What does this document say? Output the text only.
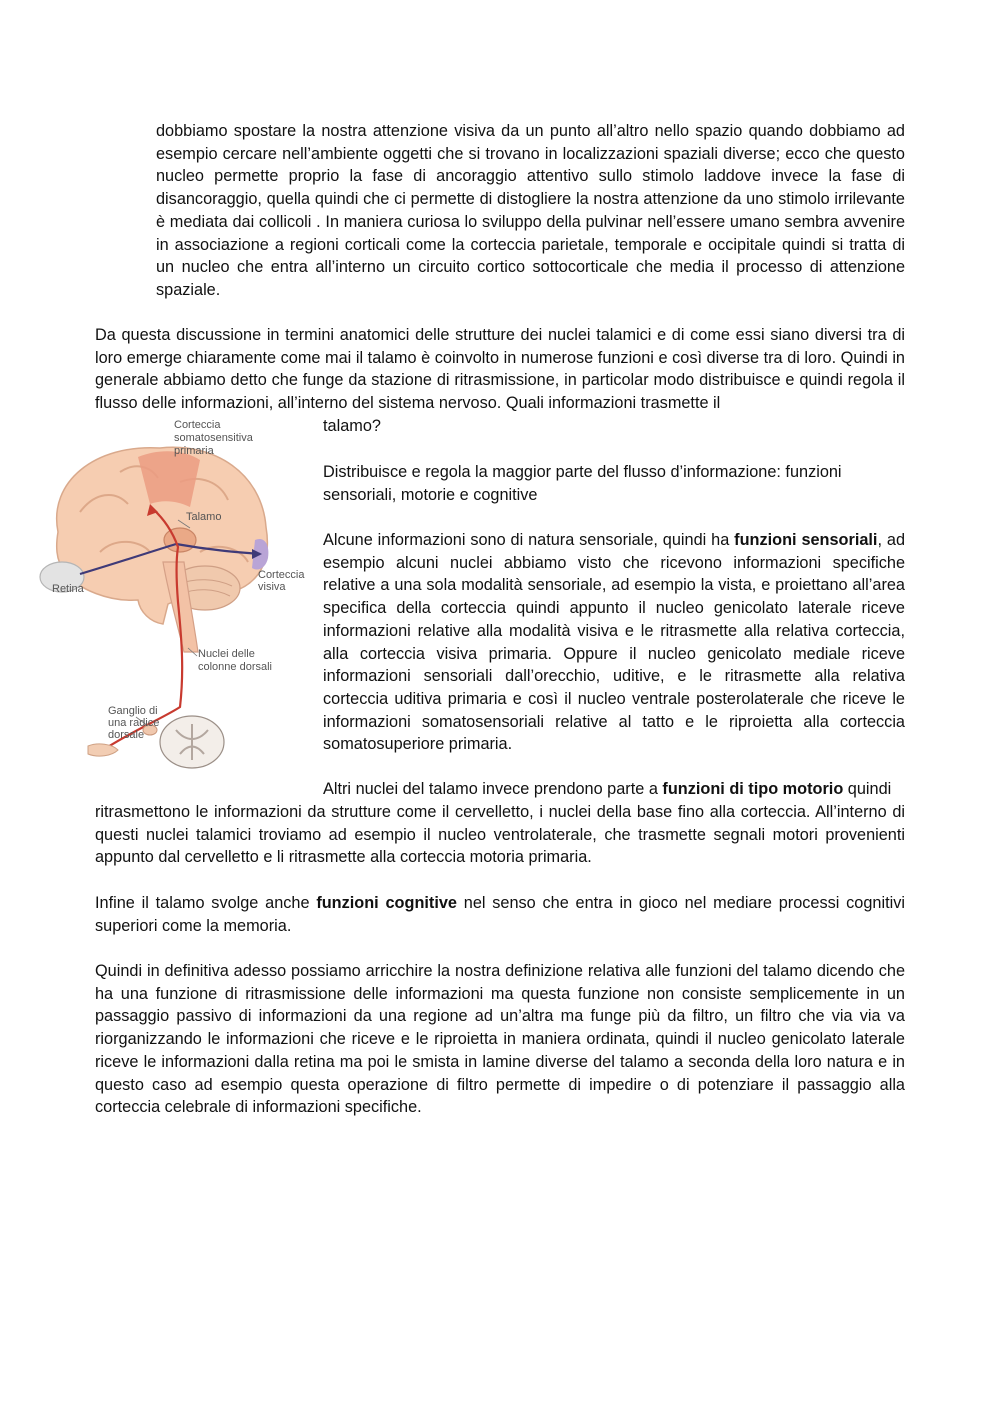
dobbiamo spostare la nostra attenzione visiva da un punto all’altro nello spazio quando dobbiamo ad esempio cercare nell’ambiente oggetti che si trovano in localizzazioni spaziali diverse; ecco che questo nucleo permette proprio la fase di ancoraggio attentivo sullo stimolo laddove invece la fase di disancoraggio, quella quindi che ci permette di distogliere la nostra attenzione da uno stimolo irrilevante è mediata dai collicoli . In maniera curiosa lo sviluppo della pulvinar nell’essere umano sembra avvenire in associazione a regioni corticali come la corteccia parietale, temporale e occipitale quindi si tratta di un nucleo che entra all’interno un circuito cortico sottocorticale che media il processo di attenzione spaziale.

Da questa discussione in termini anatomici delle strutture dei nuclei talamici e di come essi siano diversi tra di loro emerge chiaramente come mai il talamo è coinvolto in numerose funzioni e così diverse tra di loro. Quindi in generale abbiamo detto che funge da stazione di ritrasmissione, in particolar modo distribuisce e quindi regola il flusso delle informazioni, all’interno del sistema nervoso. Quali informazioni trasmette il

talamo?

Distribuisce e regola la maggior parte del flusso d’informazione: funzioni sensoriali, motorie e cognitive

Alcune informazioni sono di natura sensoriale, quindi ha funzioni sensoriali, ad esempio alcuni nuclei abbiamo visto che ricevono informazioni specifiche relative a una sola modalità sensoriale, ad esempio la vista, e proiettano all’area specifica della corteccia quindi appunto il nucleo genicolato laterale riceve informazioni relative alla modalità visiva e le ritrasmette alla relativa corteccia, alla corteccia visiva primaria. Oppure il nucleo genicolato mediale riceve informazioni sensoriali dall’orecchio, uditive, e le ritrasmette alla relativa corteccia uditiva primaria e così il nucleo ventrale posterolaterale che riceve le informazioni somatosensoriali relative al tatto e le riproietta alla corteccia somatosuperiore primaria.

Altri nuclei del talamo invece prendono parte a funzioni di tipo motorio quindi

ritrasmettono le informazioni da strutture come il cervelletto, i nuclei della base fino alla corteccia. All’interno di questi nuclei talamici troviamo ad esempio il nucleo ventrolaterale, che trasmette segnali motori provenienti appunto dal cervelletto e li ritrasmette alla corteccia motoria primaria.

Infine il talamo svolge anche funzioni cognitive nel senso che entra in gioco nel mediare processi cognitivi superiori come la memoria.

Quindi in definitiva adesso possiamo arricchire la nostra definizione relativa alle funzioni del talamo dicendo che ha una funzione di ritrasmissione delle informazioni ma questa funzione non consiste semplicemente in un passaggio passivo di informazioni da una regione ad un’altra ma funge più da filtro, un filtro che via via va riorganizzando le informazioni che riceve e le riproietta in maniera ordinata, quindi il nucleo genicolato laterale riceve le informazioni dalla retina ma poi le smista in lamine diverse del talamo a seconda della loro natura e in questo caso ad esempio questa operazione di filtro permette di impedire o di potenziare il passaggio alla corteccia celebrale di informazioni specifiche.

Corteccia
somatosensitiva
primaria
Talamo
Retina
Corteccia
visiva
Nuclei delle
colonne dorsali
Ganglio di
una radice
dorsale
